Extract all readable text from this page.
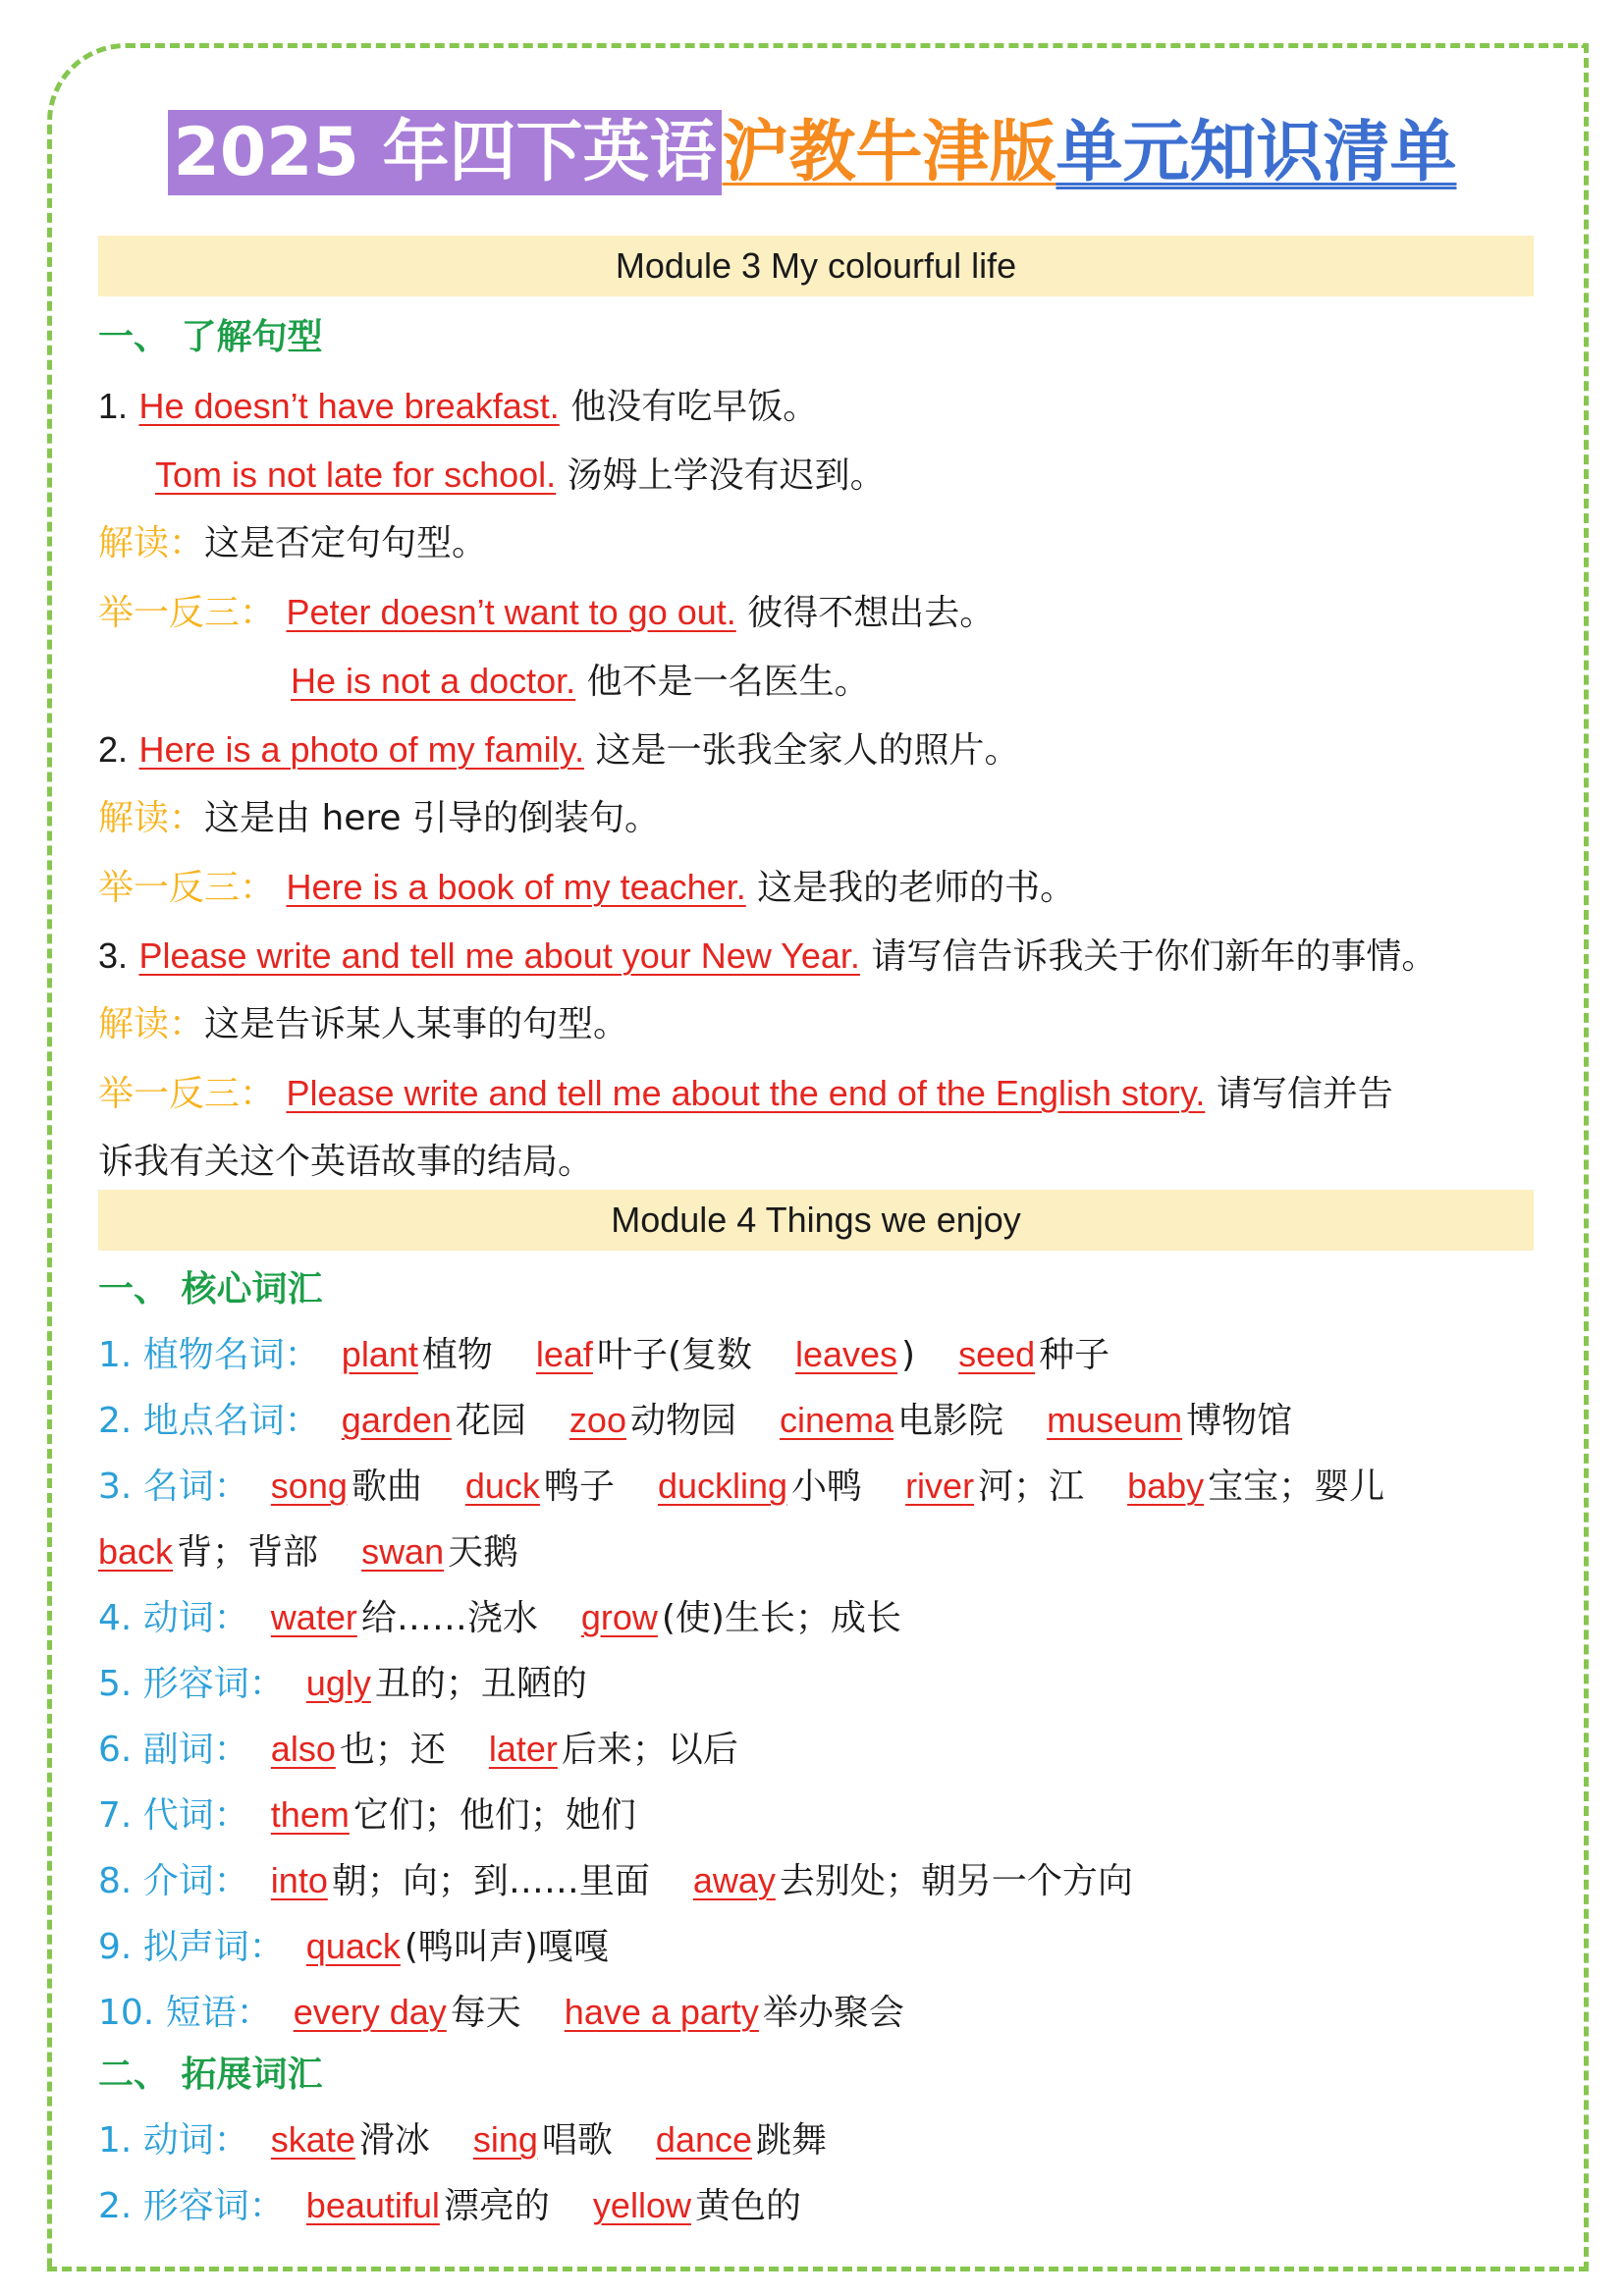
2025 年四下英语沪教牛津版单元知识清单
Module 3 My colourful life
一、 了解句型
1. He doesn’t have breakfast. 他没有吃早饭。
Tom is not late for school. 汤姆上学没有迟到。
解读：这是否定句句型。
举一反三： Peter doesn’t want to go out. 彼得不想出去。
He is not a doctor. 他不是一名医生。
2. Here is a photo of my family. 这是一张我全家人的照片。
解读：这是由 here 引导的倒装句。
举一反三： Here is a book of my teacher. 这是我的老师的书。
3. Please write and tell me about your New Year. 请写信告诉我关于你们新年的事情。
解读：这是告诉某人某事的句型。
举一反三： Please write and tell me about the end of the English story. 请写信并告
诉我有关这个英语故事的结局。
Module 4 Things we enjoy
一、 核心词汇
1. 植物名词： plant 植物 leaf 叶子(复数 leaves ) seed 种子
2. 地点名词： garden 花园 zoo 动物园 cinema 电影院 museum 博物馆
3. 名词： song 歌曲 duck 鸭子 duckling 小鸭 river 河；江 baby 宝宝；婴儿
back 背；背部 swan 天鹅
4. 动词： water 给……浇水 grow (使)生长；成长
5. 形容词： ugly 丑的；丑陋的
6. 副词： also 也；还 later 后来；以后
7. 代词： them 它们；他们；她们
8. 介词： into 朝；向；到……里面 away 去别处；朝另一个方向
9. 拟声词： quack (鸭叫声)嘎嘎
10. 短语： every day 每天 have a party 举办聚会
二、 拓展词汇
1. 动词： skate 滑冰 sing 唱歌 dance 跳舞
2. 形容词： beautiful 漂亮的 yellow 黄色的
